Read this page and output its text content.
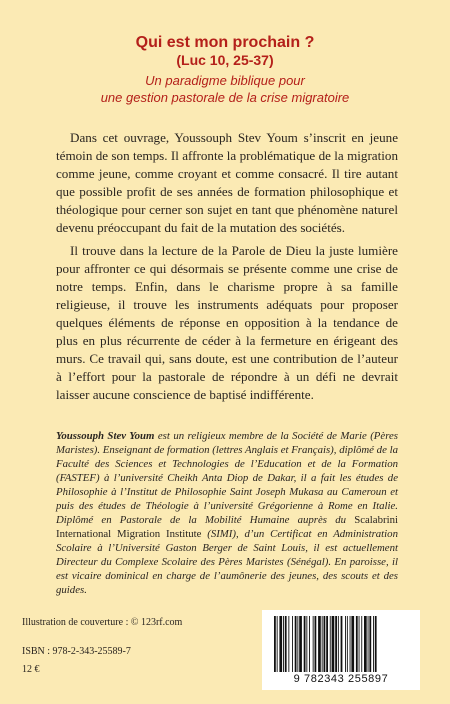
Qui est mon prochain ?
(Luc 10, 25-37)
Un paradigme biblique pour
une gestion pastorale de la crise migratoire

Dans cet ouvrage, Youssouph Stev Youm s’inscrit en jeune témoin de son temps. Il affronte la problématique de la migration comme jeune, comme croyant et comme consacré. Il tire autant que possible profit de ses années de formation philosophique et théologique pour cerner son sujet en tant que phénomène naturel devenu préoccupant du fait de la mutation des sociétés.

Il trouve dans la lecture de la Parole de Dieu la juste lumière pour affronter ce qui désormais se présente comme une crise de notre temps. Enfin, dans le charisme propre à sa famille religieuse, il trouve les instruments adéquats pour proposer quelques éléments de réponse en opposition à la tendance de plus en plus récurrente de céder à la fermeture en érigeant des murs. Ce travail qui, sans doute, est une contribution de l’auteur à l’effort pour la pastorale de répondre à un défi ne devrait laisser aucune conscience de baptisé indifférente.

Youssouph Stev Youm est un religieux membre de la Société de Marie (Pères Maristes). Enseignant de formation (lettres Anglais et Français), diplômé de la Faculté des Sciences et Technologies de l’Education et de la Formation (FASTEF) à l’université Cheikh Anta Diop de Dakar, il a fait les études de Philosophie à l’Institut de Philosophie Saint Joseph Mukasa au Cameroun et puis des études de Théologie à l’université Grégorienne à Rome en Italie. Diplômé en Pastorale de la Mobilité Humaine auprès du Scalabrini International Migration Institute (SIMI), d’un Certificat en Administration Scolaire à l’Université Gaston Berger de Saint Louis, il est actuellement Directeur du Complexe Scolaire des Pères Maristes (Sénégal). En paroisse, il est vicaire dominical en charge de l’aumônerie des jeunes, des scouts et des guides.

Illustration de couverture : © 123rf.com
ISBN : 978-2-343-25589-7
12 €
9 782343 255897
